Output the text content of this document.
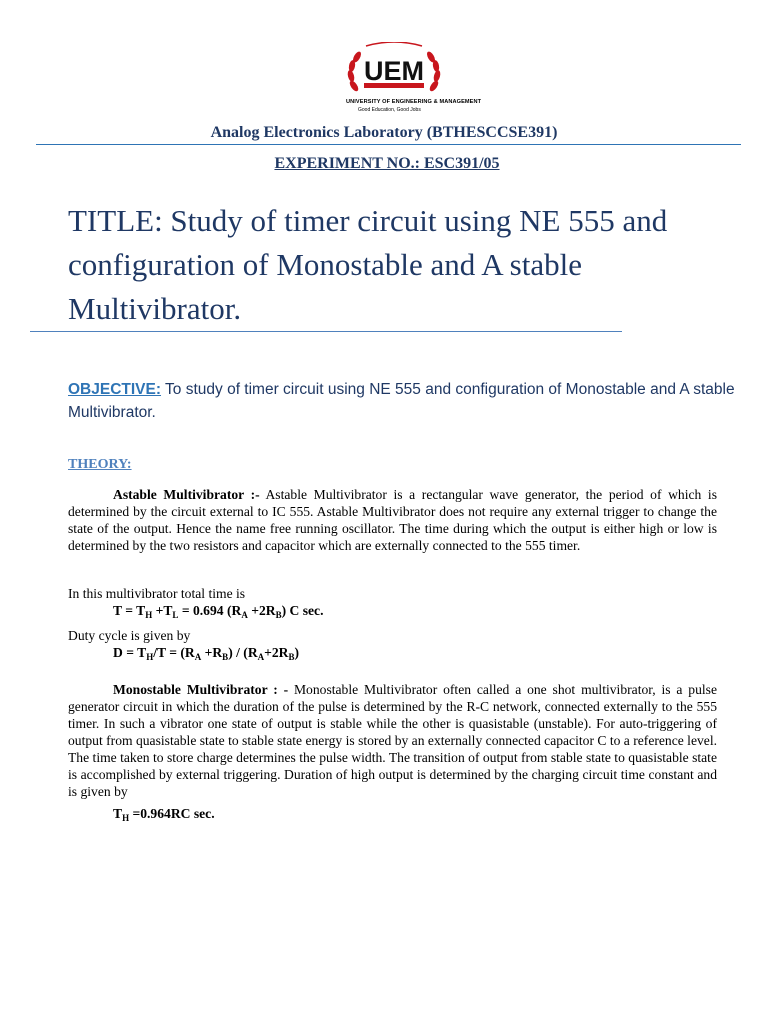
UEM
UNIVERSITY OF ENGINEERING & MANAGEMENT
Good Education, Good Jobs
Analog Electronics Laboratory (BTHESCCSE391)
EXPERIMENT NO.: ESC391/05
TITLE: Study of timer circuit using NE 555 and configuration of Monostable and A stable Multivibrator.
OBJECTIVE: To study of timer circuit using NE 555 and configuration of Monostable and A stable Multivibrator.
THEORY:
Astable Multivibrator :- Astable Multivibrator is a rectangular wave generator, the period of which is determined by the circuit external to IC 555. Astable Multivibrator does not require any external trigger to change the state of the output. Hence the name free running oscillator. The time during which the output is either high or low is determined by the two resistors and capacitor which are externally connected to the 555 timer.
In this multivibrator total time is
$T = T_H +T_L = 0.694$ $(R_A +2R_B)$ C sec.
Duty cycle is given by
$D = T_H/T = (R_A +R_B) / (R_A+2R_B)$
Monostable Multivibrator : - Monostable Multivibrator often called a one shot multivibrator, is a pulse generator circuit in which the duration of the pulse is determined by the R-C network, connected externally to the 555 timer. In such a vibrator one state of output is stable while the other is quasistable (unstable). For auto-triggering of output from quasistable state to stable state energy is stored by an externally connected capacitor C to a reference level. The time taken to store charge determines the pulse width. The transition of output from stable state to quasistable state is accomplished by external triggering. Duration of high output is determined by the charging circuit time constant and is given by
$T_H =0.964RC$ sec.
